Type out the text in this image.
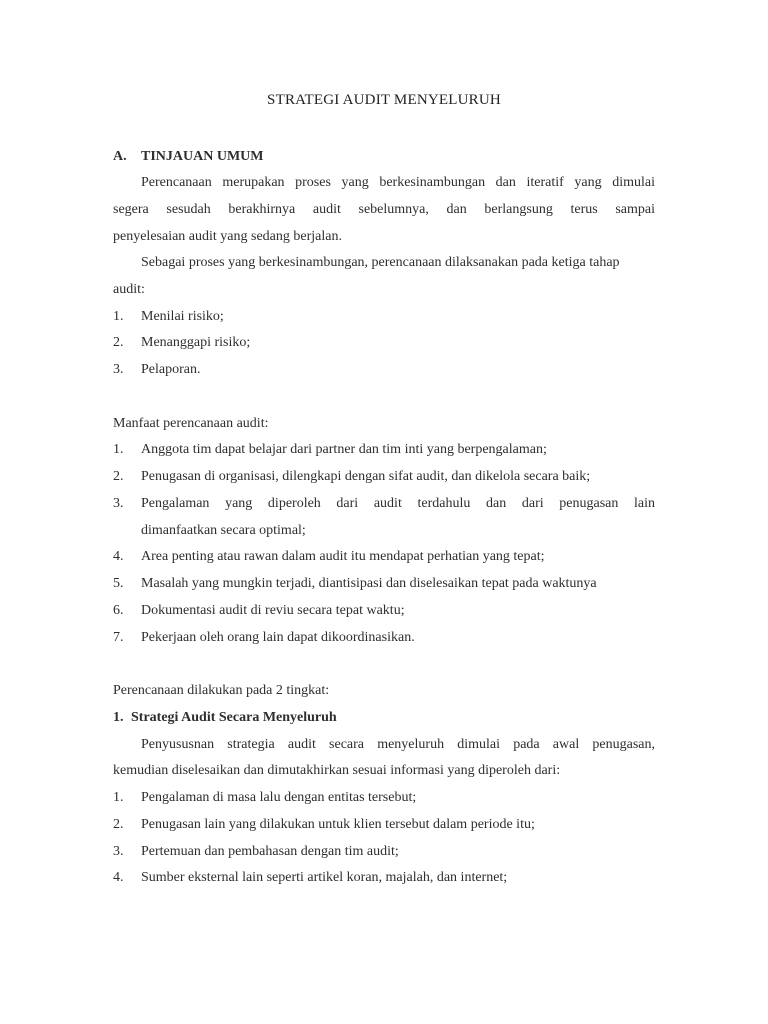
STRATEGI AUDIT MENYELURUH
A. TINJAUAN UMUM
Perencanaan merupakan proses yang berkesinambungan dan iteratif yang dimulai
segera sesudah berakhirnya audit sebelumnya, dan berlangsung terus sampai
penyelesaian audit yang sedang berjalan.
Sebagai proses yang berkesinambungan, perencanaan dilaksanakan pada ketiga tahap
audit:
1. Menilai risiko;
2. Menanggapi risiko;
3. Pelaporan.
Manfaat perencanaan audit:
1. Anggota tim dapat belajar dari partner dan tim inti yang berpengalaman;
2. Penugasan di organisasi, dilengkapi dengan sifat audit, dan dikelola secara baik;
3. Pengalaman yang diperoleh dari audit terdahulu dan dari penugasan lain
dimanfaatkan secara optimal;
4. Area penting atau rawan dalam audit itu mendapat perhatian yang tepat;
5. Masalah yang mungkin terjadi, diantisipasi dan diselesaikan tepat pada waktunya
6. Dokumentasi audit di reviu secara tepat waktu;
7. Pekerjaan oleh orang lain dapat dikoordinasikan.
Perencanaan dilakukan pada 2 tingkat:
1. Strategi Audit Secara Menyeluruh
Penyususnan strategia audit secara menyeluruh dimulai pada awal penugasan,
kemudian diselesaikan dan dimutakhirkan sesuai informasi yang diperoleh dari:
1. Pengalaman di masa lalu dengan entitas tersebut;
2. Penugasan lain yang dilakukan untuk klien tersebut dalam periode itu;
3. Pertemuan dan pembahasan dengan tim audit;
4. Sumber eksternal lain seperti artikel koran, majalah, dan internet;
